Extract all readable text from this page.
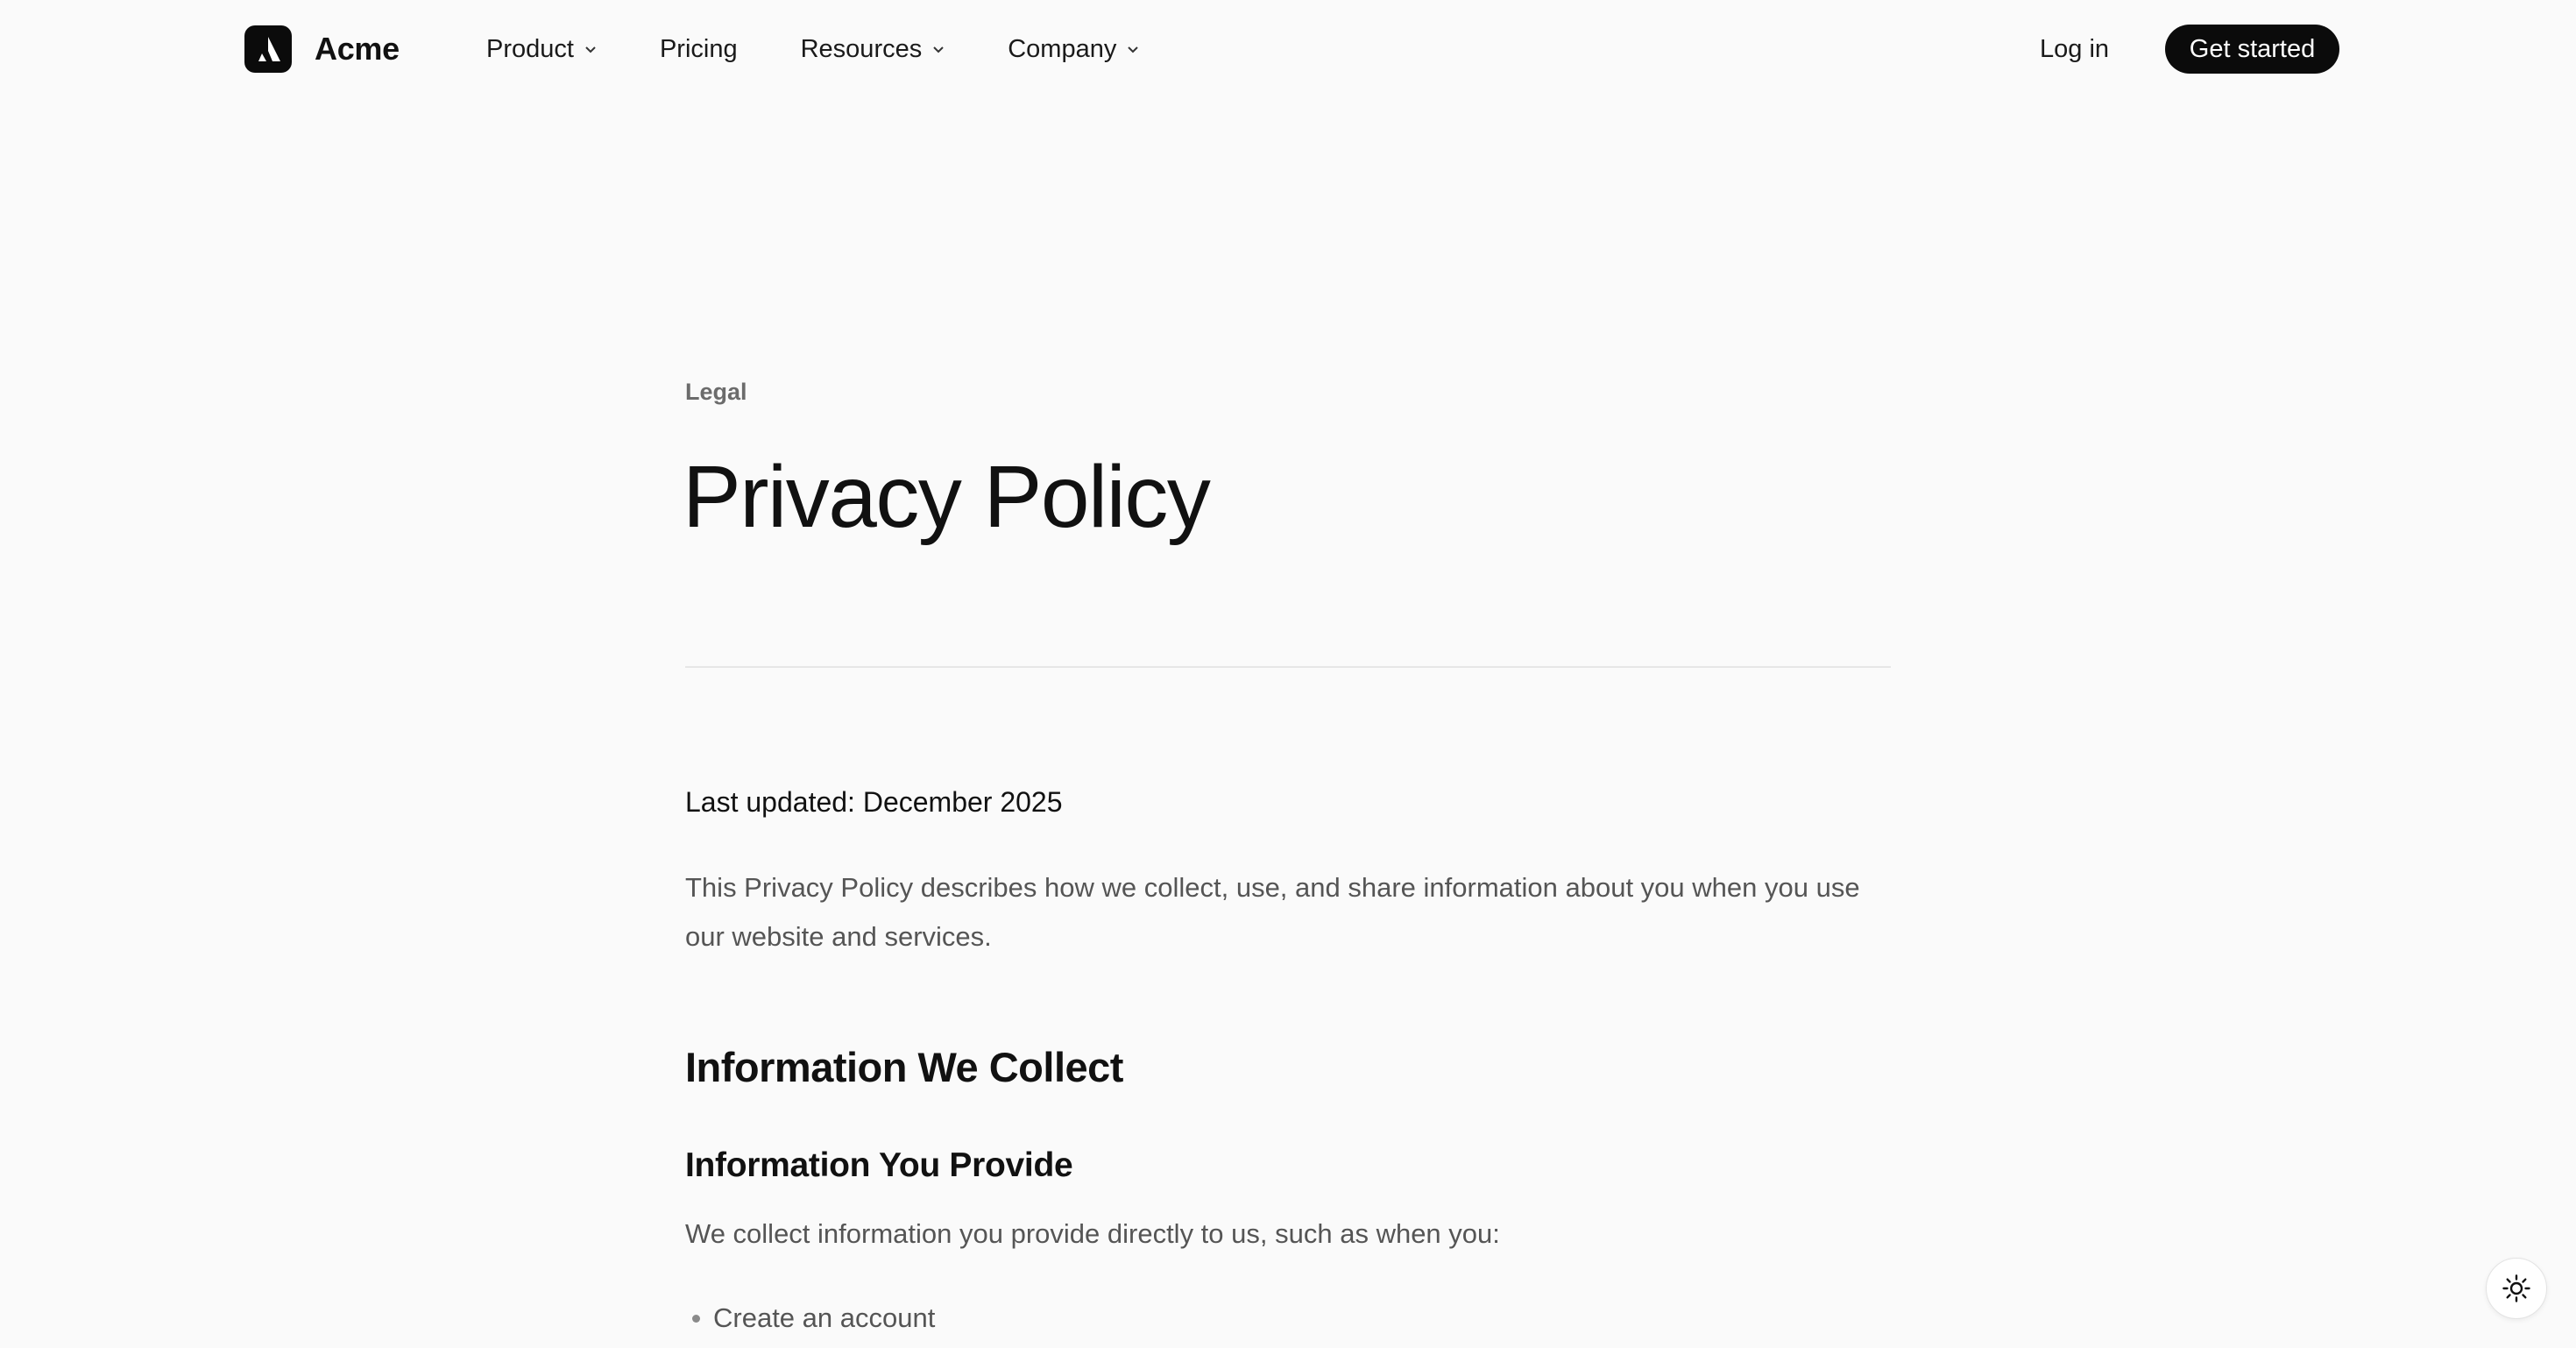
Acme	Product	Pricing Resources	Company	Log in	Get started
Legal
Privacy Policy

Last updated: December 2025

This Privacy Policy describes how we collect, use, and share information about you when you use our website and services.

Information We Collect
Information You Provide

We collect information you provide directly to us, such as when you:

Create an account
